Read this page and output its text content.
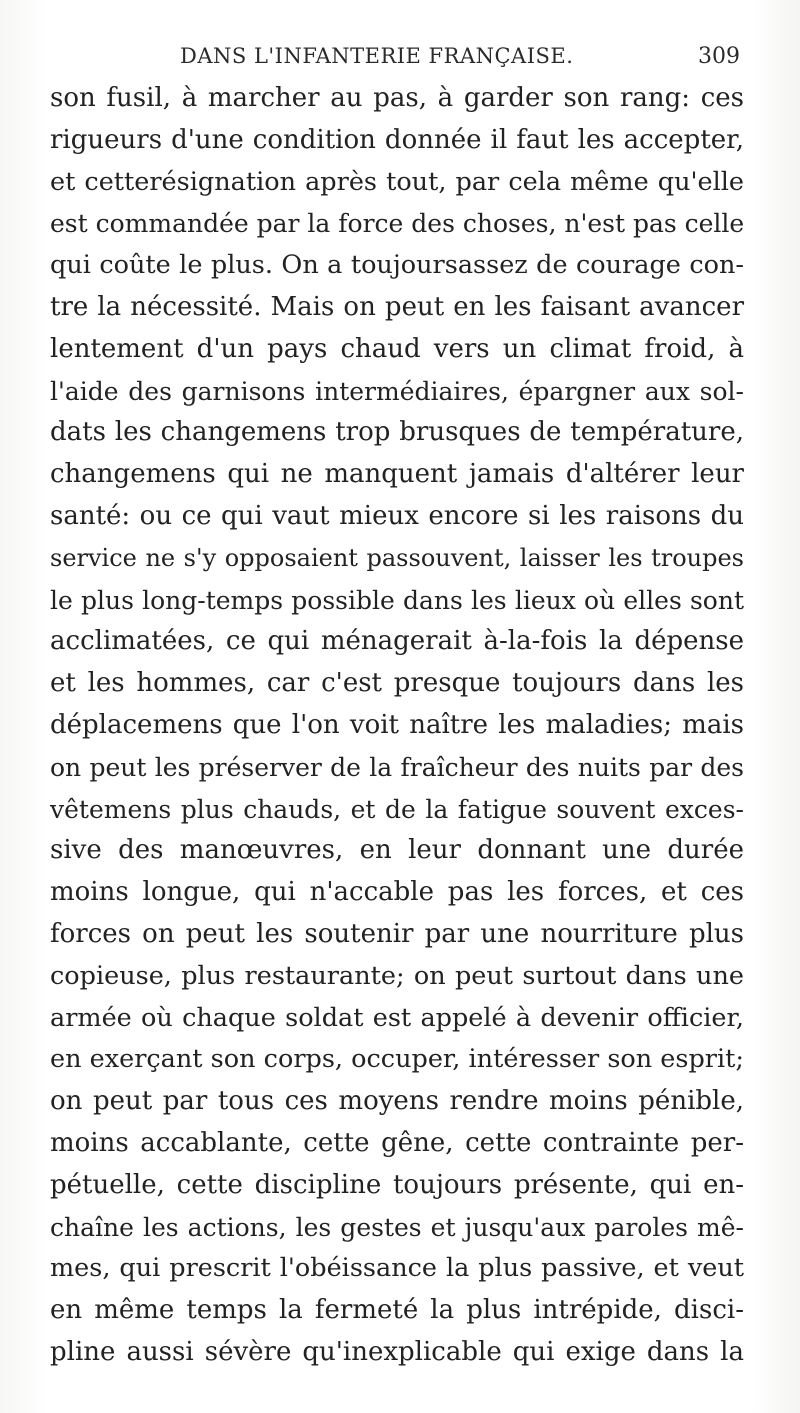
DANS L'INFANTERIE FRANÇAISE.	309
son fusil, à marcher au pas, à garder son rang: ces
rigueurs d'une condition donnée il faut les accepter,
et cetterésignation après tout, par cela même qu'elle
est commandée par la force des choses, n'est pas celle
qui coûte le plus. On a toujoursassez de courage con-
tre la nécessité. Mais on peut en les faisant avancer
lentement d'un pays chaud vers un climat froid, à
l'aide des garnisons intermédiaires, épargner aux sol-
dats les changemens trop brusques de température,
changemens qui ne manquent jamais d'altérer leur
santé: ou ce qui vaut mieux encore si les raisons du
service ne s'y opposaient passouvent, laisser les troupes
le plus long-temps possible dans les lieux où elles sont
acclimatées, ce qui ménagerait à-la-fois la dépense
et les hommes, car c'est presque toujours dans les
déplacemens que l'on voit naître les maladies; mais
on peut les préserver de la fraîcheur des nuits par des
vêtemens plus chauds, et de la fatigue souvent exces-
sive des manœuvres, en leur donnant une durée
moins longue, qui n'accable pas les forces, et ces
forces on peut les soutenir par une nourriture plus
copieuse, plus restaurante; on peut surtout dans une
armée où chaque soldat est appelé à devenir officier,
en exerçant son corps, occuper, intéresser son esprit;
on peut par tous ces moyens rendre moins pénible,
moins accablante, cette gêne, cette contrainte per-
pétuelle, cette discipline toujours présente, qui en-
chaîne les actions, les gestes et jusqu'aux paroles mê-
mes, qui prescrit l'obéissance la plus passive, et veut
en même temps la fermeté la plus intrépide, disci-
pline aussi sévère qu'inexplicable qui exige dans la
